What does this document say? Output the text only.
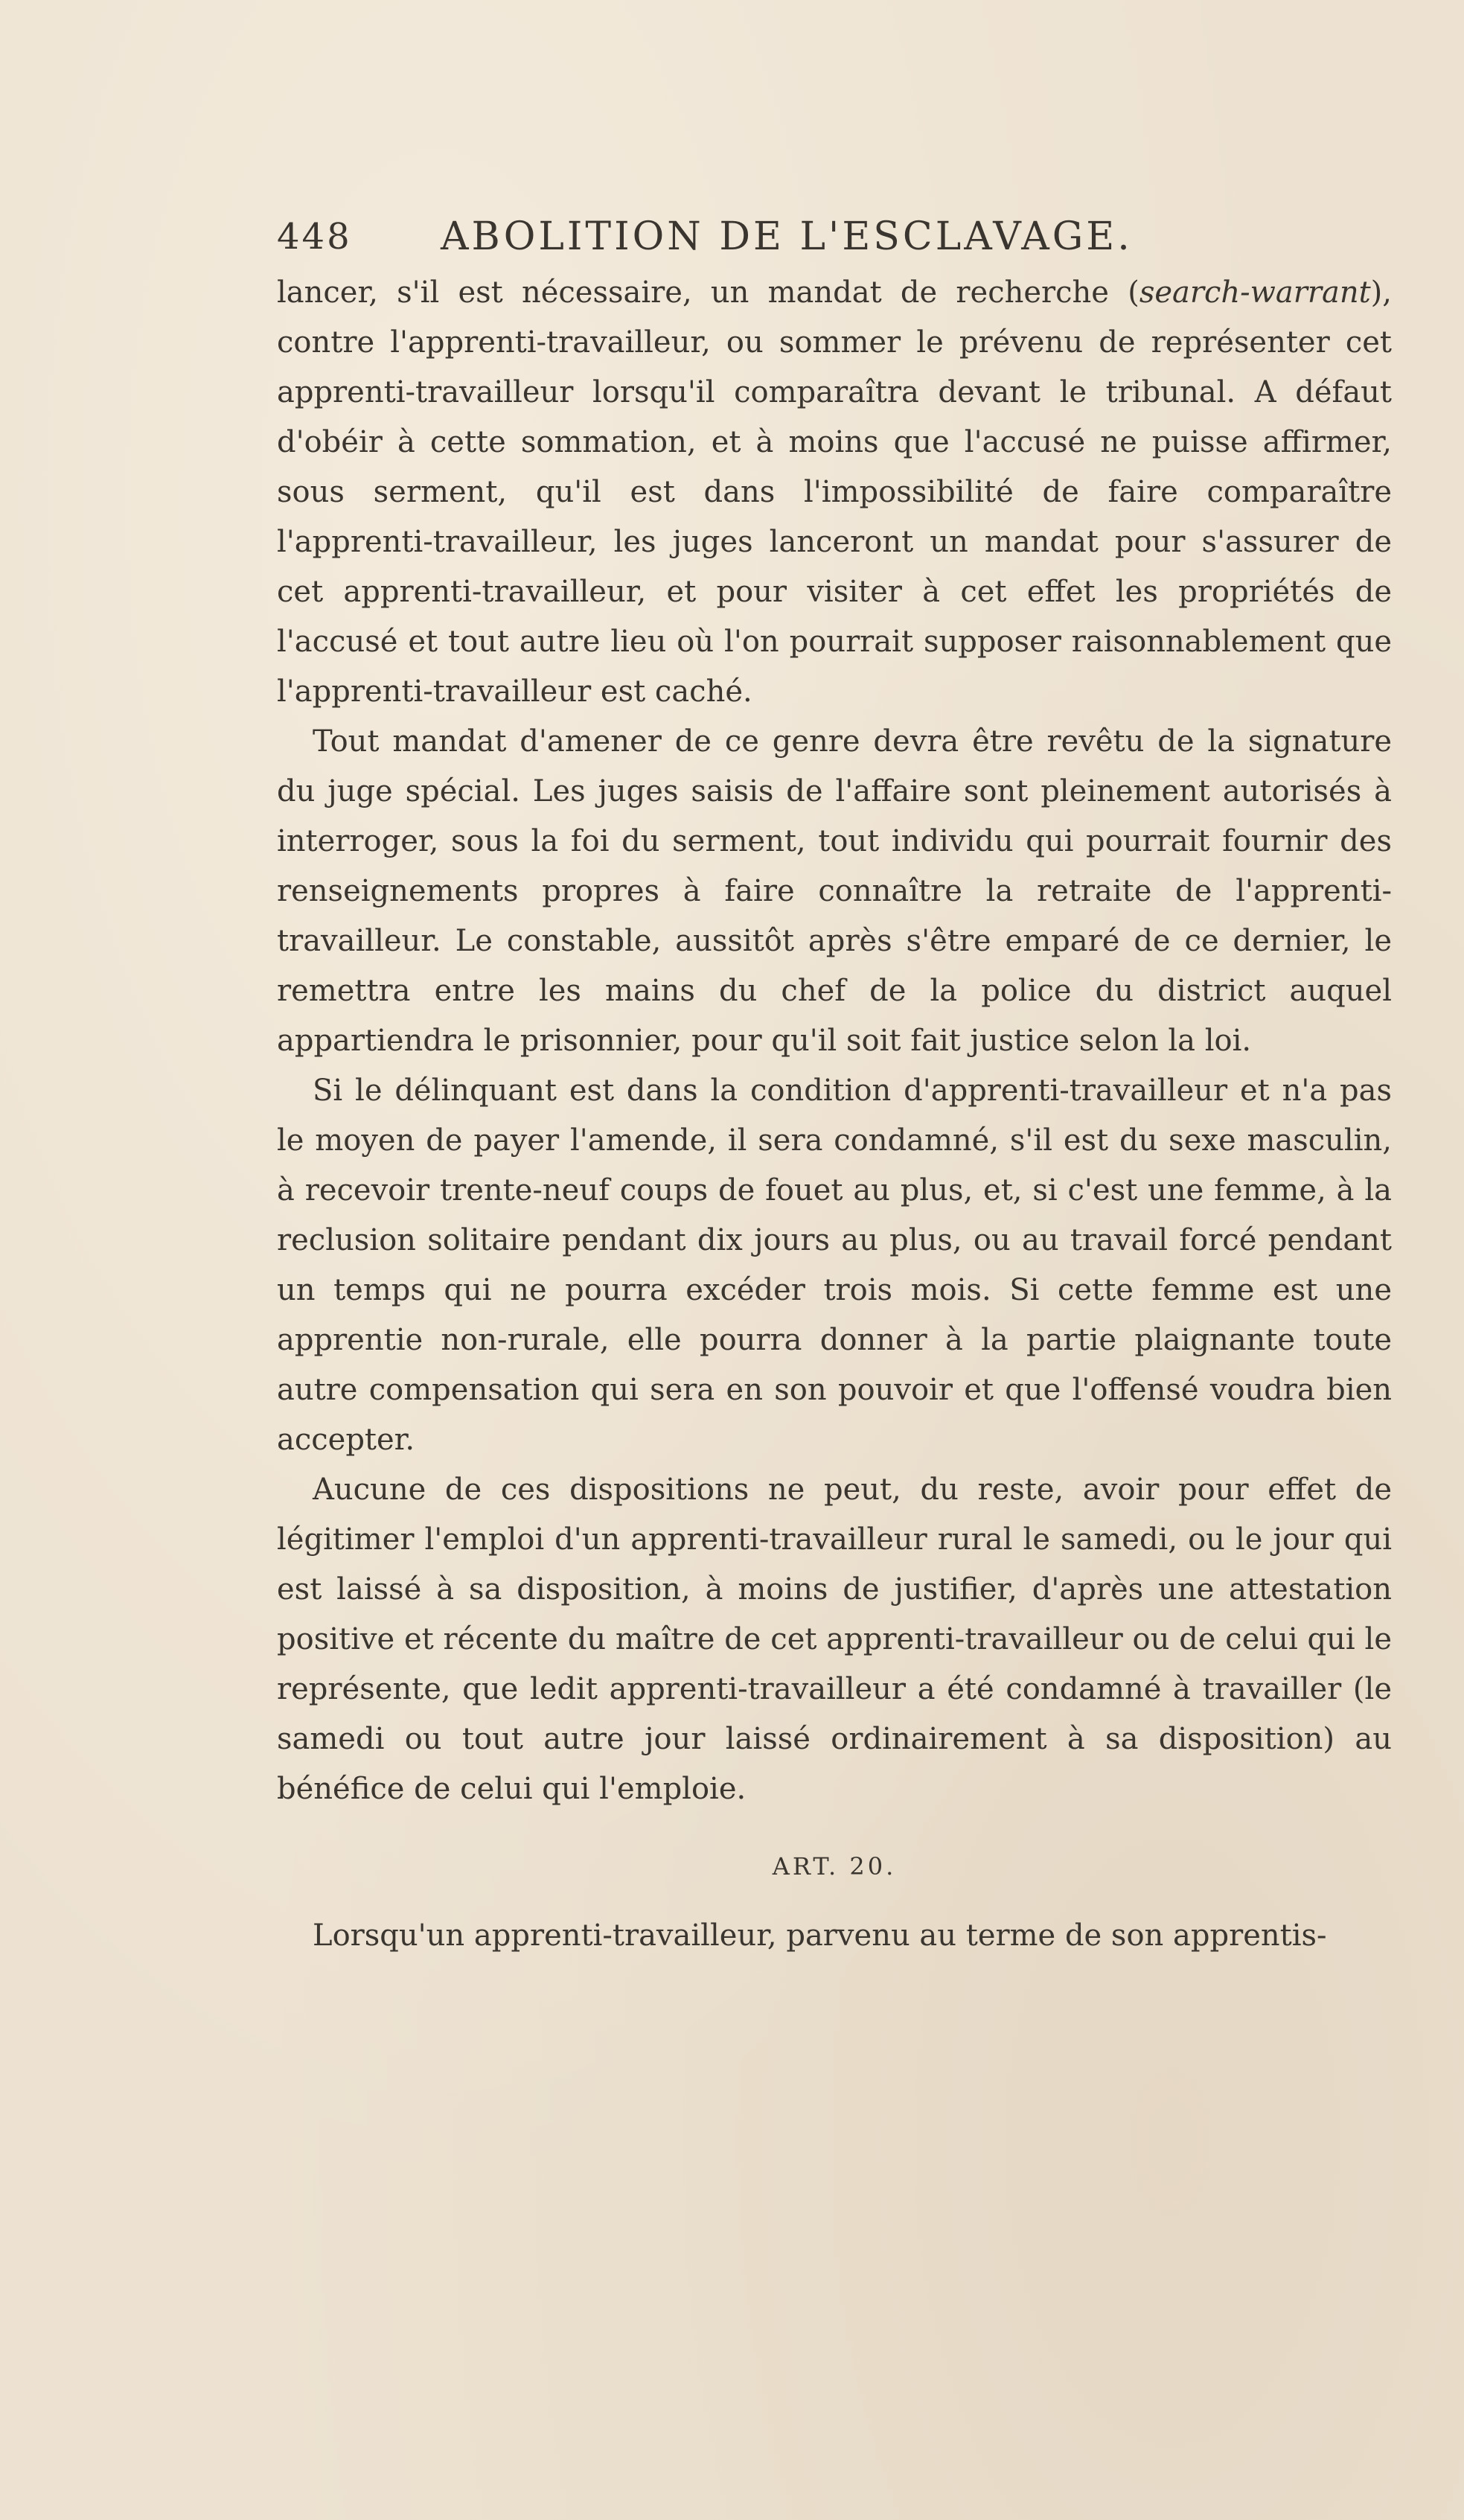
448 ABOLITION DE L'ESCLAVAGE.

lancer, s'il est nécessaire, un mandat de recherche (search-warrant), contre l'apprenti-travailleur, ou sommer le prévenu de représenter cet apprenti-travailleur lorsqu'il comparaîtra devant le tribunal. A défaut d'obéir à cette sommation, et à moins que l'accusé ne puisse affirmer, sous serment, qu'il est dans l'impossibilité de faire comparaître l'apprenti-travailleur, les juges lanceront un mandat pour s'assurer de cet apprenti-travailleur, et pour visiter à cet effet les propriétés de l'accusé et tout autre lieu où l'on pourrait supposer raisonnablement que l'apprenti-travailleur est caché.

Tout mandat d'amener de ce genre devra être revêtu de la signature du juge spécial. Les juges saisis de l'affaire sont pleinement autorisés à interroger, sous la foi du serment, tout individu qui pourrait fournir des renseignements propres à faire connaître la retraite de l'apprenti-travailleur. Le constable, aussitôt après s'être emparé de ce dernier, le remettra entre les mains du chef de la police du district auquel appartiendra le prisonnier, pour qu'il soit fait justice selon la loi.

Si le délinquant est dans la condition d'apprenti-travailleur et n'a pas le moyen de payer l'amende, il sera condamné, s'il est du sexe masculin, à recevoir trente-neuf coups de fouet au plus, et, si c'est une femme, à la reclusion solitaire pendant dix jours au plus, ou au travail forcé pendant un temps qui ne pourra excéder trois mois. Si cette femme est une apprentie non-rurale, elle pourra donner à la partie plaignante toute autre compensation qui sera en son pouvoir et que l'offensé voudra bien accepter.

Aucune de ces dispositions ne peut, du reste, avoir pour effet de légitimer l'emploi d'un apprenti-travailleur rural le samedi, ou le jour qui est laissé à sa disposition, à moins de justifier, d'après une attestation positive et récente du maître de cet apprenti-travailleur ou de celui qui le représente, que ledit apprenti-travailleur a été condamné à travailler (le samedi ou tout autre jour laissé ordinairement à sa disposition) au bénéfice de celui qui l'emploie.

ART. 20.

Lorsqu'un apprenti-travailleur, parvenu au terme de son apprentis-
